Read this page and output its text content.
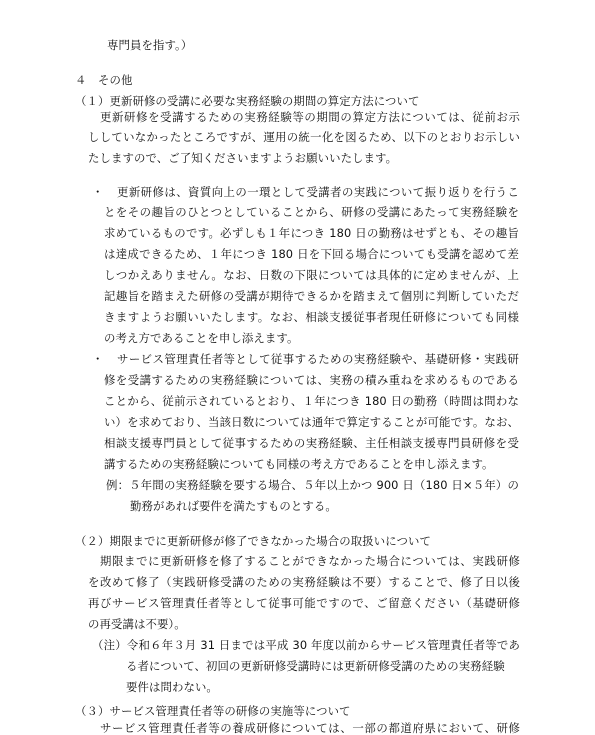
専門員を指す。）
４　その他
（１）更新研修の受講に必要な実務経験の期間の算定方法について
更新研修を受講するための実務経験等の期間の算定方法については、従前お示
ししていなかったところですが、運用の統一化を図るため、以下のとおりお示しい
たしますので、ご了知くださいますようお願いいたします。
・ 更新研修は、資質向上の一環として受講者の実践について振り返りを行うこ
とをその趣旨のひとつとしていることから、研修の受講にあたって実務経験を
求めているものです。必ずしも１年につき 180 日の勤務はせずとも、その趣旨
は達成できるため、１年につき 180 日を下回る場合についても受講を認めて差
しつかえありません。なお、日数の下限については具体的に定めませんが、上
記趣旨を踏まえた研修の受講が期待できるかを踏まえて個別に判断していただ
きますようお願いいたします。なお、相談支援従事者現任研修についても同様
の考え方であることを申し添えます。
・ サービス管理責任者等として従事するための実務経験や、基礎研修・実践研
修を受講するための実務経験については、実務の積み重ねを求めるものである
ことから、従前示されているとおり、１年につき 180 日の勤務（時間は問わな
い）を求めており、当該日数については通年で算定することが可能です。なお、
相談支援専門員として従事するための実務経験、主任相談支援専門員研修を受
講するための実務経験についても同様の考え方であることを申し添えます。
例：５年間の実務経験を要する場合、５年以上かつ 900 日（180 日×５年）の
勤務があれば要件を満たすものとする。
（２）期限までに更新研修が修了できなかった場合の取扱いについて
期限までに更新研修を修了することができなかった場合については、実践研修
を改めて修了（実践研修受講のための実務経験は不要）することで、修了日以後
再びサービス管理責任者等として従事可能ですので、ご留意ください（基礎研修
の再受講は不要）。
（注）令和６年３月 31 日までは平成 30 年度以前からサービス管理責任者等であ
る者について、初回の更新研修受講時には更新研修受講のための実務経験
要件は問わない。
（３）サービス管理責任者等の研修の実施等について
サービス管理責任者等の養成研修については、一部の都道府県において、研修
